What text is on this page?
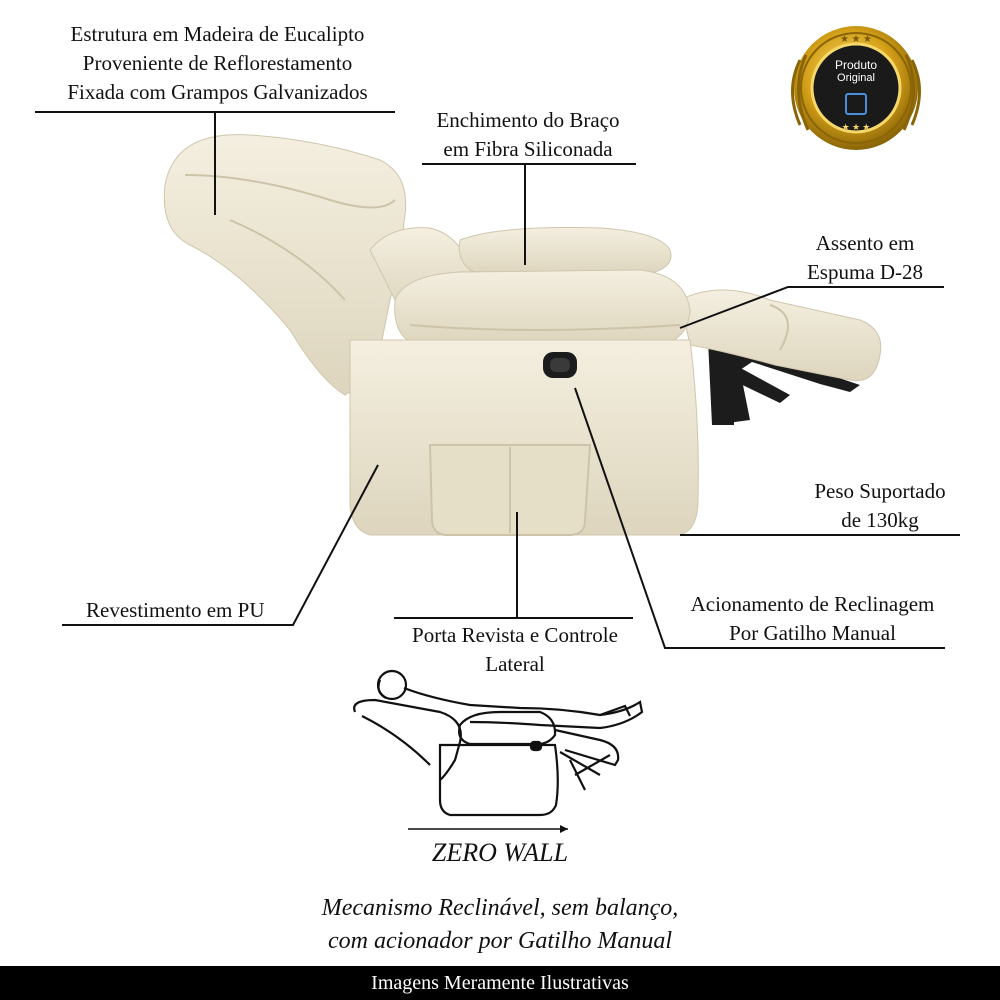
★ ★ ★
★ ★ ★
Produto
Original
Estrutura em Madeira de Eucalipto
Proveniente de Reflorestamento
Fixada com Grampos Galvanizados
Enchimento do Braço
em Fibra Siliconada
Assento em
Espuma D-28
Peso Suportado
de 130kg
Revestimento em PU
Porta Revista e Controle
Lateral
Acionamento de Reclinagem
Por Gatilho Manual
ZERO WALL
Mecanismo Reclinável, sem balanço,
com acionador por Gatilho Manual
Imagens Meramente Ilustrativas
